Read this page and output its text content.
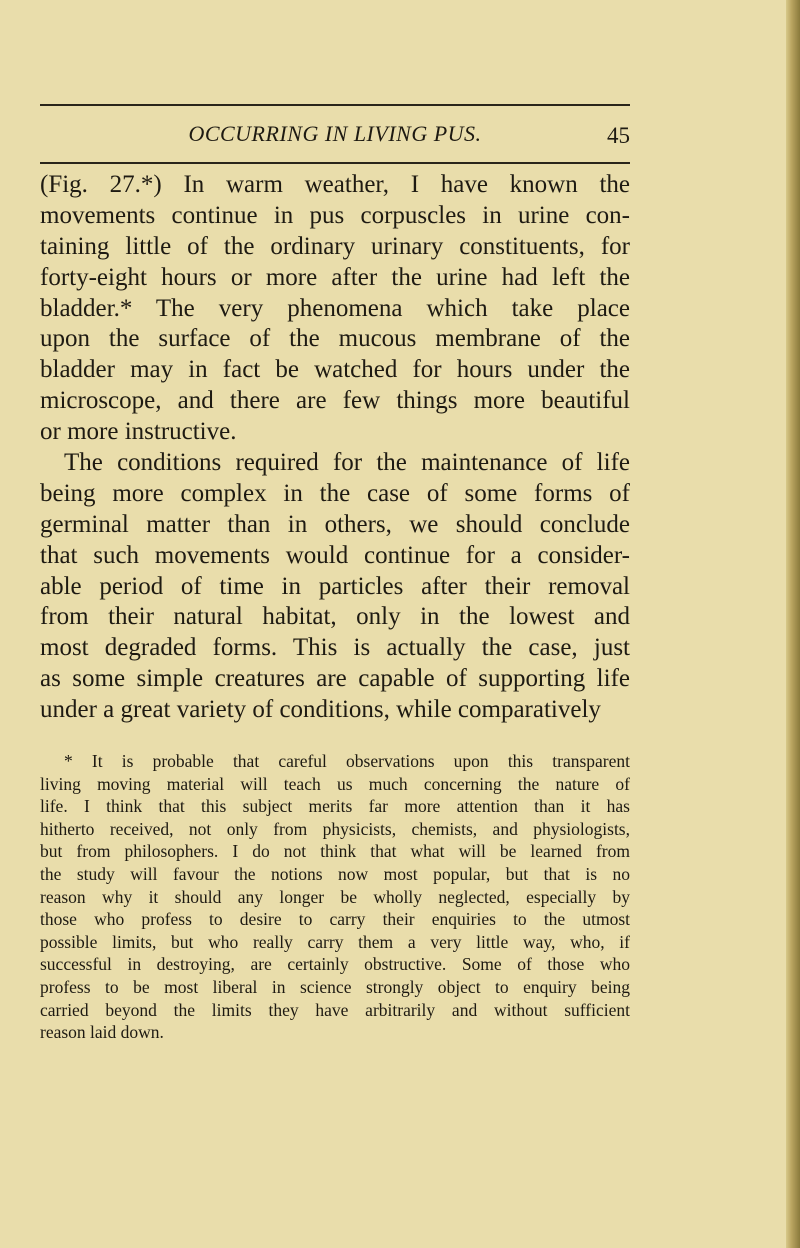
OCCURRING IN LIVING PUS.	45
(Fig. 27.*) In warm weather, I have known the
movements continue in pus corpuscles in urine con-
taining little of the ordinary urinary constituents, for
forty-eight hours or more after the urine had left the
bladder.* The very phenomena which take place
upon the surface of the mucous membrane of the
bladder may in fact be watched for hours under the
microscope, and there are few things more beautiful
or more instructive.
The conditions required for the maintenance of life
being more complex in the case of some forms of
germinal matter than in others, we should conclude
that such movements would continue for a consider-
able period of time in particles after their removal
from their natural habitat, only in the lowest and
most degraded forms. This is actually the case, just
as some simple creatures are capable of supporting life
under a great variety of conditions, while comparatively
* It is probable that careful observations upon this transparent
living moving material will teach us much concerning the nature of
life. I think that this subject merits far more attention than it has
hitherto received, not only from physicists, chemists, and physiologists,
but from philosophers. I do not think that what will be learned from
the study will favour the notions now most popular, but that is no
reason why it should any longer be wholly neglected, especially by
those who profess to desire to carry their enquiries to the utmost
possible limits, but who really carry them a very little way, who, if
successful in destroying, are certainly obstructive. Some of those who
profess to be most liberal in science strongly object to enquiry being
carried beyond the limits they have arbitrarily and without sufficient
reason laid down.
